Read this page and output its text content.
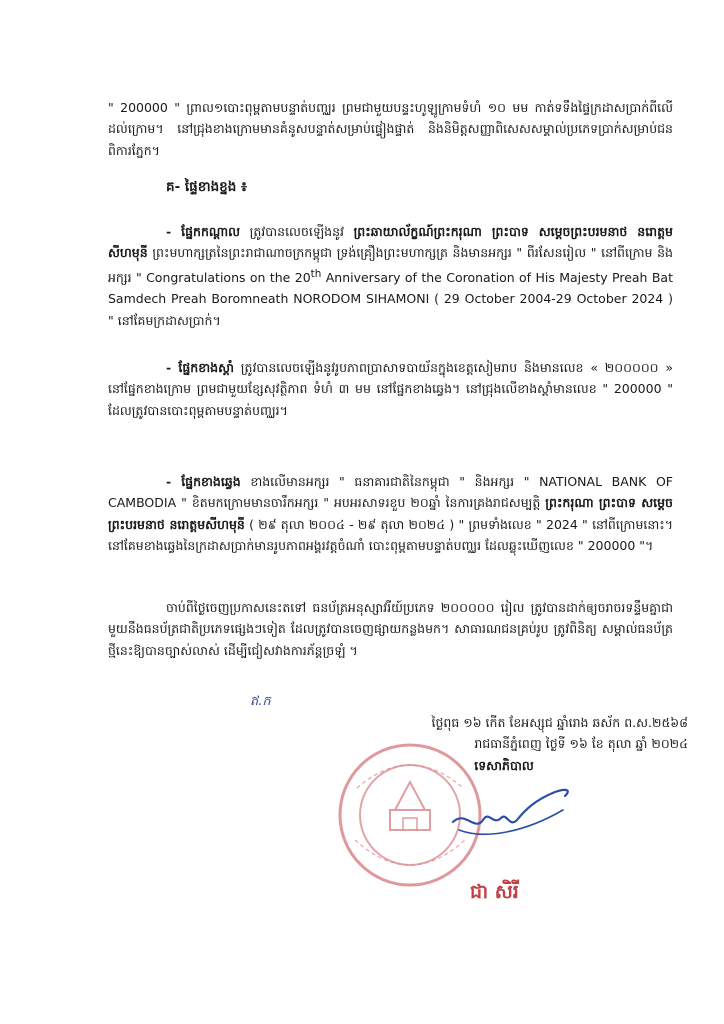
" 200000 " ព្រាល១បោះពុម្ពតាមបន្ទាត់បញ្ឈរ ព្រមជាមួយបន្ទះហូឡូក្រាមទំហំ ១០ មម កាត់ទទឹងផ្ទៃក្រដាសប្រាក់ពីលើដល់ក្រោម។ នៅជ្រុងខាងក្រោមមានគំនូសបន្ទាត់សម្រាប់ផ្ទៀងផ្ទាត់ និងនិមិត្តសញ្ញាពិសេសសម្គាល់ប្រភេទប្រាក់សម្រាប់ជនពិការភ្នែក។

គ- ផ្ទៃខាងខ្នង ៖

- ផ្នែកកណ្តាល ត្រូវបានលេចឡើងនូវ ព្រះឆាយាល័ក្ខណ៍ព្រះករុណា ព្រះបាទ សម្តេចព្រះបរមនាថ នរោត្តមសីហមុនី ព្រះមហាក្សត្រនៃព្រះរាជាណាចក្រកម្ពុជា ទ្រង់គ្រឿងព្រះមហាក្សត្រ និងមានអក្សរ " ពីរសែនរៀល " នៅពីក្រោម និងអក្សរ " Congratulations on the 20th Anniversary of the Coronation of His Majesty Preah Bat Samdech Preah Boromneath NORODOM SIHAMONI ( 29 October 2004-29 October 2024 ) " នៅគែមក្រដាសប្រាក់។

- ផ្នែកខាងស្តាំ ត្រូវបានលេចឡើងនូវរូបភាពប្រាសាទបាយ័នក្នុងខេត្តសៀមរាប និងមានលេខ « ២០០០០០ » នៅផ្នែកខាងក្រោម ព្រមជាមួយខ្សែសុវត្ថិភាព ទំហំ ៣ មម នៅផ្នែកខាងឆ្វេង។ នៅជ្រុងលើខាងស្តាំមានលេខ " 200000 " ដែលត្រូវបានបោះពុម្ពតាមបន្ទាត់បញ្ឈរ។

- ផ្នែកខាងឆ្វេង ខាងលើមានអក្សរ " ធនាគារជាតិនៃកម្ពុជា " និងអក្សរ " NATIONAL BANK OF CAMBODIA " ខិតមកក្រោមមានចារឹកអក្សរ " អបអរសាទរខួប ២០ឆ្នាំ នៃការគ្រងរាជសម្បត្តិ ព្រះករុណា ព្រះបាទ សម្តេចព្រះបរមនាថ នរោត្តមសីហមុនី ( ២៩ តុលា ២០០៤ - ២៩ តុលា ២០២៤ ) " ព្រមទាំងលេខ " 2024 " នៅពីក្រោមនោះ។ នៅគែមខាងឆ្វេងនៃក្រដាសប្រាក់មានរូបភាពអង្គរវត្តចំណាំ បោះពុម្ពតាមបន្ទាត់បញ្ឈរ ដែលឆ្លុះឃើញលេខ " 200000 "។

ចាប់ពីថ្ងៃចេញប្រកាសនេះតទៅ ធនប័ត្រអនុស្សាវរីយ៍ប្រភេទ ២០០០០០ រៀល ត្រូវបានដាក់ឲ្យចរាចរទន្ទឹមគ្នាជាមួយនឹងធនប័ត្រជាតិប្រភេទផ្សេងៗទៀត ដែលត្រូវបានចេញផ្សាយកន្លងមក។ សាធារណជនគ្រប់រូប ត្រូវពិនិត្យ សម្គាល់ធនប័ត្រថ្មីនេះឱ្យបានច្បាស់លាស់ ដើម្បីជៀសវាងការភ័ន្តច្រឡំ ។

ឥ.ក
ថ្ងៃពុធ ១៦ កើត ខែអស្សុជ ឆ្នាំរោង ឆស័ក ព.ស.២៥៦៨
រាជធានីភ្នំពេញ ថ្ងៃទី ១៦ ខែ តុលា ឆ្នាំ ២០២៤
ទេសាភិបាល
ជា សិរី
